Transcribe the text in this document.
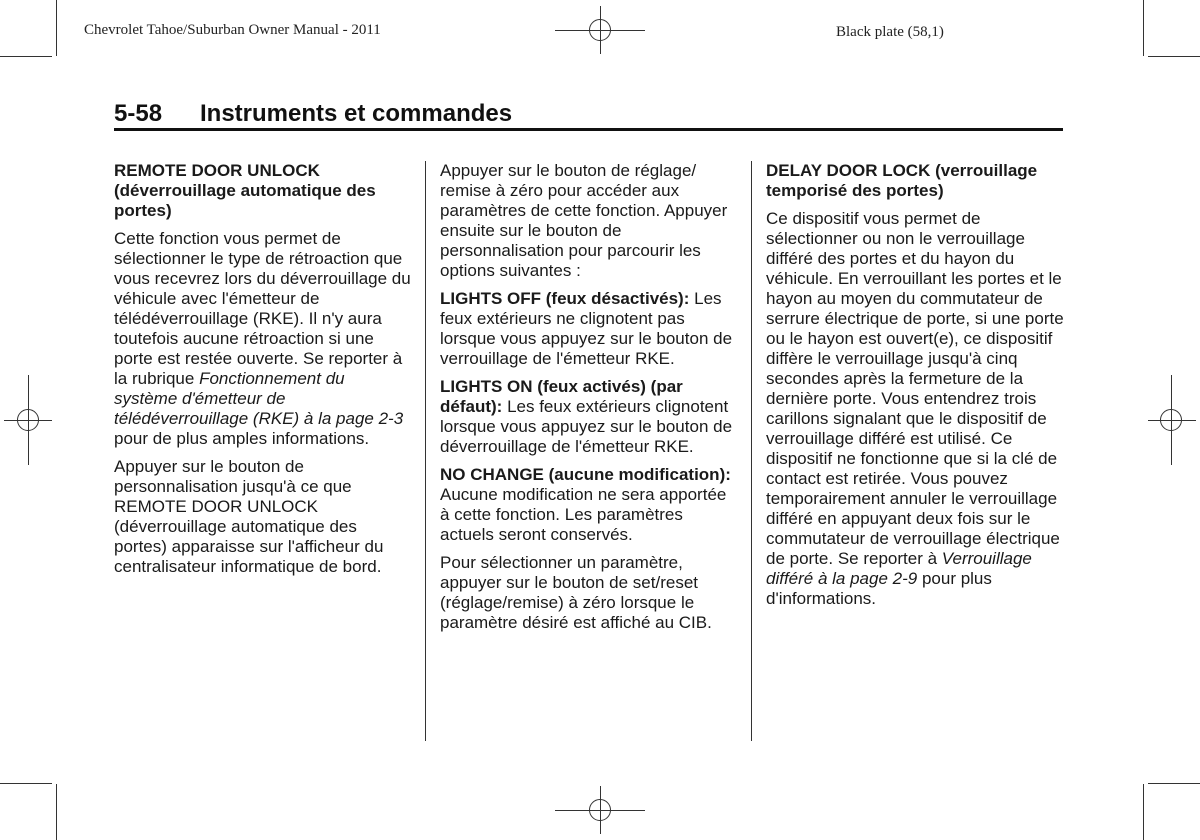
Chevrolet Tahoe/Suburban Owner Manual - 2011	Black plate (58,1)
5-58 Instruments et commandes

REMOTE DOOR UNLOCK (déverrouillage automatique des portes)

Cette fonction vous permet de sélectionner le type de rétroaction que vous recevrez lors du déverrouillage du véhicule avec l'émetteur de télédéverrouillage (RKE). Il n'y aura toutefois aucune rétroaction si une porte est restée ouverte. Se reporter à la rubrique Fonctionnement du système d'émetteur de télédéverrouillage (RKE) à la page 2-3 pour de plus amples informations.

Appuyer sur le bouton de personnalisation jusqu'à ce que REMOTE DOOR UNLOCK (déverrouillage automatique des portes) apparaisse sur l'afficheur du centralisateur informatique de bord.

Appuyer sur le bouton de réglage/ remise à zéro pour accéder aux paramètres de cette fonction. Appuyer ensuite sur le bouton de personnalisation pour parcourir les options suivantes :

LIGHTS OFF (feux désactivés): Les feux extérieurs ne clignotent pas lorsque vous appuyez sur le bouton de verrouillage de l'émetteur RKE.

LIGHTS ON (feux activés) (par défaut): Les feux extérieurs clignotent lorsque vous appuyez sur le bouton de déverrouillage de l'émetteur RKE.

NO CHANGE (aucune modification): Aucune modification ne sera apportée à cette fonction. Les paramètres actuels seront conservés.

Pour sélectionner un paramètre, appuyer sur le bouton de set/reset (réglage/remise) à zéro lorsque le paramètre désiré est affiché au CIB.

DELAY DOOR LOCK (verrouillage temporisé des portes)

Ce dispositif vous permet de sélectionner ou non le verrouillage différé des portes et du hayon du véhicule. En verrouillant les portes et le hayon au moyen du commutateur de serrure électrique de porte, si une porte ou le hayon est ouvert(e), ce dispositif diffère le verrouillage jusqu'à cinq secondes après la fermeture de la dernière porte. Vous entendrez trois carillons signalant que le dispositif de verrouillage différé est utilisé. Ce dispositif ne fonctionne que si la clé de contact est retirée. Vous pouvez temporairement annuler le verrouillage différé en appuyant deux fois sur le commutateur de verrouillage électrique de porte. Se reporter à Verrouillage différé à la page 2-9 pour plus d'informations.
